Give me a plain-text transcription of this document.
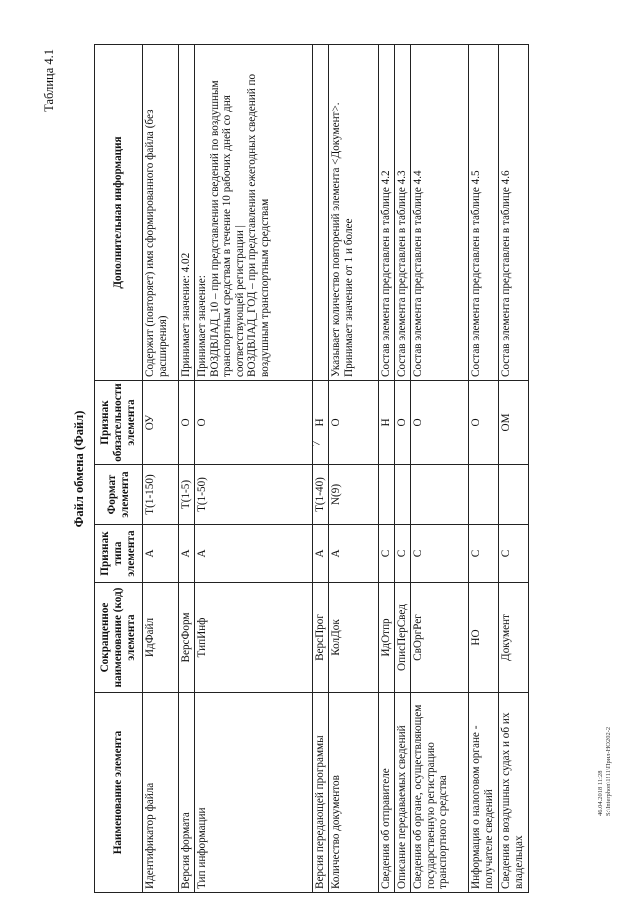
7
46.04.2018 11:28 S:\Interphon\1!11\Прил-HO202-2
Таблица 4.1
Файл обмена (Файл)
Наименование элемента	Сокращенное наименование (код) элемента	Признак типа элемента	Формат элемента	Признак обязательности элемента	Дополнительная информация
Идентификатор файла	ИдФайл	А	T(1-150)	ОУ	Содержит (повторяет) имя сформированного файла (без расширения)
Версия формата	ВерсФорм	А	T(1-5)	О	Принимает значение: 4.02
Тип информации	ТипИнф	А	T(1-50)	О	Принимает значение:
ВОЗДВЛАД_10 – при представлении сведений по воздушным транспортным средствам в течение 10 рабочих дней со дня соответствующей регистрации |
ВОЗДВЛАД_ГОД – при представлении ежегодных сведений по воздушным транспортным средствам
Версия передающей программы	ВерсПрог	А	T(1-40)	Н	
Количество документов	КолДок	А	N(9)	О	Указывает количество повторений элемента <Документ>.
Принимает значение от 1 и более
Сведения об отправителе	ИдОтпр	С		Н	Состав элемента представлен в таблице 4.2
Описание передаваемых сведений	ОписПерСвед	С		О	Состав элемента представлен в таблице 4.3
Сведения об органе, осуществляющем государственную регистрацию транспортного средства	СвОргРег	С		О	Состав элемента представлен в таблице 4.4
Информация о налоговом органе - получателе сведений	НО	С		О	Состав элемента представлен в таблице 4.5
Сведения о воздушных судах и об их владельцах	Документ	С		ОМ	Состав элемента представлен в таблице 4.6
